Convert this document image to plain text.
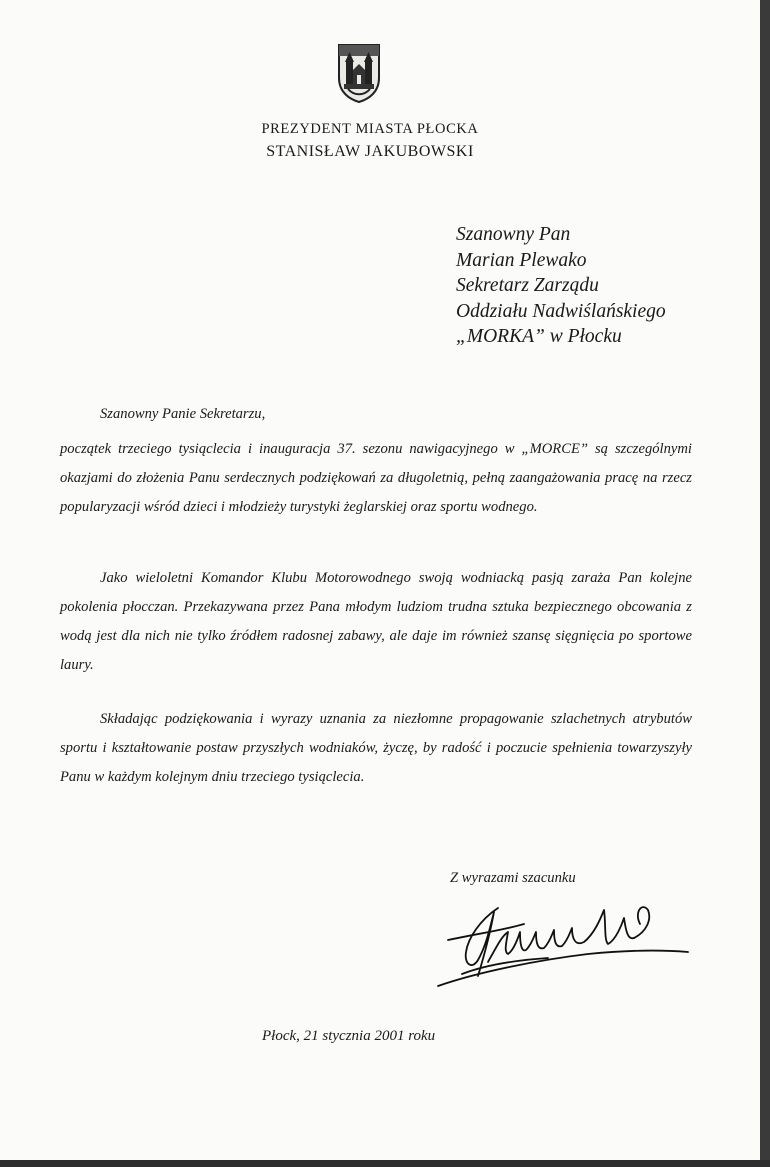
PREZYDENT MIASTA PŁOCKA
STANISŁAW JAKUBOWSKI
Szanowny Pan
Marian Plewako
Sekretarz Zarządu
Oddziału Nadwiślańskiego
„MORKA” w Płocku
Szanowny Panie Sekretarzu,
początek trzeciego tysiąclecia i inauguracja 37. sezonu nawigacyjnego w „MORCE” są szczególnymi okazjami do złożenia Panu serdecznych podziękowań za długoletnią, pełną zaangażowania pracę na rzecz popularyzacji wśród dzieci i młodzieży turystyki żeglarskiej oraz sportu wodnego.
Jako wieloletni Komandor Klubu Motorowodnego swoją wodniacką pasją zaraża Pan kolejne pokolenia płocczan. Przekazywana przez Pana młodym ludziom trudna sztuka bezpiecznego obcowania z wodą jest dla nich nie tylko źródłem radosnej zabawy, ale daje im również szansę sięgnięcia po sportowe laury.
Składając podziękowania i wyrazy uznania za niezłomne propagowanie szlachetnych atrybutów sportu i kształtowanie postaw przyszłych wodniaków, życzę, by radość i poczucie spełnienia towarzyszyły Panu w każdym kolejnym dniu trzeciego tysiąclecia.
Z wyrazami szacunku
Płock, 21 stycznia 2001 roku
